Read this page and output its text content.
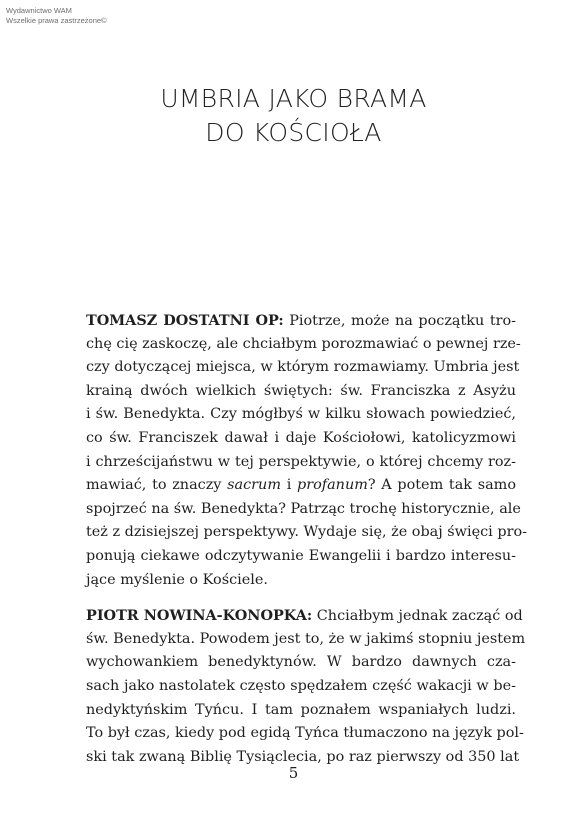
Wydawnictwo WAM
Wszelkie prawa zastrzeżone©
UMBRIA JAKO BRAMA
DO KOŚCIOŁA
TOMASZ DOSTATNI OP: Piotrze, może na początku tro-
chę cię zaskoczę, ale chciałbym porozmawiać o pewnej rze-
czy dotyczącej miejsca, w którym rozmawiamy. Umbria jest
krainą dwóch wielkich świętych: św. Franciszka z Asyżu
i św. Benedykta. Czy mógłbyś w kilku słowach powiedzieć,
co św. Franciszek dawał i daje Kościołowi, katolicyzmowi
i chrześcijaństwu w tej perspektywie, o której chcemy roz-
mawiać, to znaczy sacrum i profanum? A potem tak samo
spojrzeć na św. Benedykta? Patrząc trochę historycznie, ale
też z dzisiejszej perspektywy. Wydaje się, że obaj święci pro-
ponują ciekawe odczytywanie Ewangelii i bardzo interesu-
jące myślenie o Kościele.
PIOTR NOWINA-KONOPKA: Chciałbym jednak zacząć od
św. Benedykta. Powodem jest to, że w jakimś stopniu jestem
wychowankiem benedyktynów. W bardzo dawnych cza-
sach jako nastolatek często spędzałem część wakacji w be-
nedyktyńskim Tyńcu. I tam poznałem wspaniałych ludzi.
To był czas, kiedy pod egidą Tyńca tłumaczono na język pol-
ski tak zwaną Biblię Tysiąclecia, po raz pierwszy od 350 lat
5
